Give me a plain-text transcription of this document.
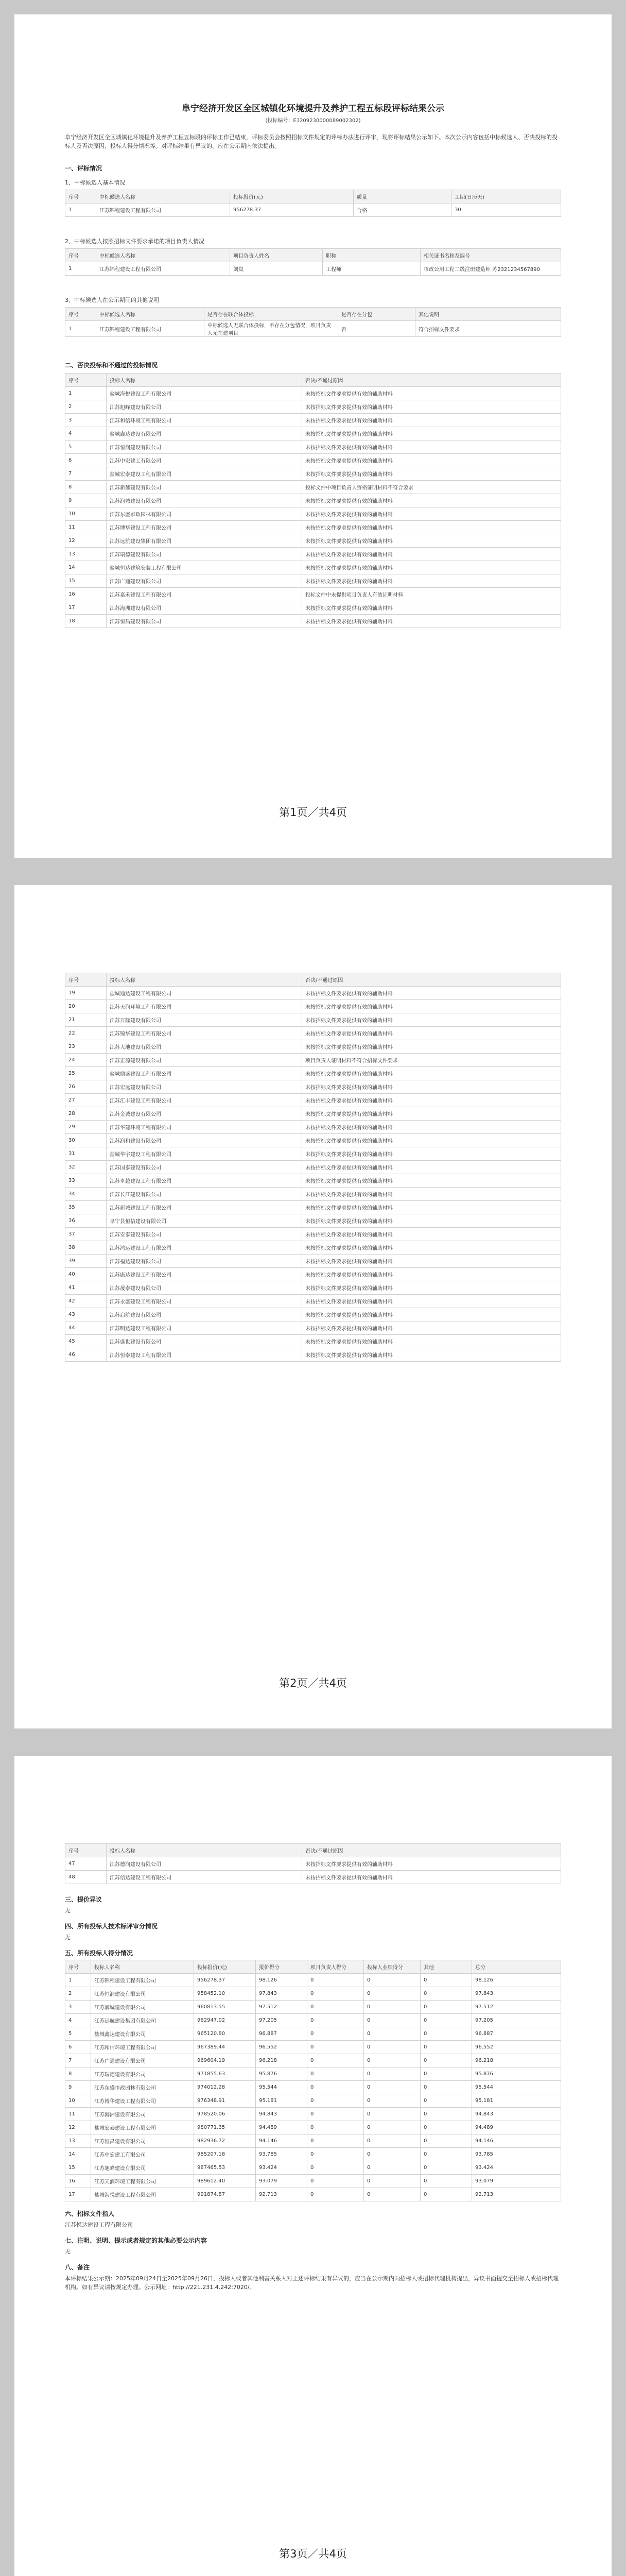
阜宁经济开发区全区城镇化环境提升及养护工程五标段评标结果公示
(投标编号：E3209230000089002302)
阜宁经济开发区全区城镇化环境提升及养护工程五标段的评标工作已结束，评标委员会按照招标文件规定的评标办法进行评审，现将评标结果公示如下。本次公示内容包括中标候选人、否决投标的投标人及否决原因、投标人得分情况等。对评标结果有异议的，应在公示期内依法提出。
一、评标情况
1、中标候选人基本情况
序号	中标候选人名称	投标报价(元)	质量	工期(日历天)
1	江苏锦程建设工程有限公司	956278.37	合格	30
2、中标候选人按照招标文件要求承诺的项目负责人情况
序号	中标候选人名称	项目负责人姓名	职称	相关证书名称及编号
1	江苏锦程建设工程有限公司	刘岚	工程师	市政公用工程二级注册建造师 苏2321234567890
3、中标候选人在公示期间的其他说明
序号	中标候选人名称	是否存在联合体投标	是否存在分包	其他说明
1	江苏锦程建设工程有限公司	中标候选人无联合体投标，不存在分包情况，项目负责人无在建项目	否	符合招标文件要求
二、否决投标和不通过的投标情况
序号	投标人名称	否决/不通过原因
1	盐城海悦建设工程有限公司	未按招标文件要求提供有效的辅助材料
2	江苏旭峰建设有限公司	未按招标文件要求提供有效的辅助材料
3	江苏和信环境工程有限公司	未按招标文件要求提供有效的辅助材料
4	盐城鑫达建设有限公司	未按招标文件要求提供有效的辅助材料
5	江苏恒润建设有限公司	未按招标文件要求提供有效的辅助材料
6	江苏中宏建工有限公司	未按招标文件要求提供有效的辅助材料
7	盐城宏泰建设工程有限公司	未按招标文件要求提供有效的辅助材料
8	江苏新耀建设有限公司	投标文件中项目负责人资格证明材料不符合要求
9	江苏润城建设有限公司	未按招标文件要求提供有效的辅助材料
10	江苏东盛市政园林有限公司	未按招标文件要求提供有效的辅助材料
11	江苏博华建设工程有限公司	未按招标文件要求提供有效的辅助材料
12	江苏远航建设集团有限公司	未按招标文件要求提供有效的辅助材料
13	江苏瑞德建设有限公司	未按招标文件要求提供有效的辅助材料
14	盐城恒达建筑安装工程有限公司	未按招标文件要求提供有效的辅助材料
15	江苏广通建设有限公司	未按招标文件要求提供有效的辅助材料
16	江苏嘉禾建设工程有限公司	投标文件中未提供项目负责人有效证明材料
17	江苏海洲建设有限公司	未按招标文件要求提供有效的辅助材料
18	江苏恒昌建设有限公司	未按招标文件要求提供有效的辅助材料
第1页／共4页
序号	投标人名称	否决/不通过原因
19	盐城通达建设工程有限公司	未按招标文件要求提供有效的辅助材料
20	江苏天润环境工程有限公司	未按招标文件要求提供有效的辅助材料
21	江苏万隆建设有限公司	未按招标文件要求提供有效的辅助材料
22	江苏锦华建设工程有限公司	未按招标文件要求提供有效的辅助材料
23	江苏大地建设有限公司	未按招标文件要求提供有效的辅助材料
24	江苏正源建设有限公司	项目负责人证明材料不符合招标文件要求
25	盐城鼎盛建设工程有限公司	未按招标文件要求提供有效的辅助材料
26	江苏宏远建设有限公司	未按招标文件要求提供有效的辅助材料
27	江苏汇丰建设工程有限公司	未按招标文件要求提供有效的辅助材料
28	江苏金诚建设有限公司	未按招标文件要求提供有效的辅助材料
29	江苏华建环境工程有限公司	未按招标文件要求提供有效的辅助材料
30	江苏润和建设有限公司	未按招标文件要求提供有效的辅助材料
31	盐城华宇建设工程有限公司	未按招标文件要求提供有效的辅助材料
32	江苏国泰建设有限公司	未按招标文件要求提供有效的辅助材料
33	江苏卓越建设工程有限公司	未按招标文件要求提供有效的辅助材料
34	江苏长江建设有限公司	未按招标文件要求提供有效的辅助材料
35	江苏新城建设工程有限公司	未按招标文件要求提供有效的辅助材料
36	阜宁县恒信建设有限公司	未按招标文件要求提供有效的辅助材料
37	江苏安泰建设有限公司	未按招标文件要求提供有效的辅助材料
38	江苏鸿运建设工程有限公司	未按招标文件要求提供有效的辅助材料
39	江苏福达建设有限公司	未按招标文件要求提供有效的辅助材料
40	江苏康达建设工程有限公司	未按招标文件要求提供有效的辅助材料
41	江苏晟泰建设有限公司	未按招标文件要求提供有效的辅助材料
42	江苏永盛建设工程有限公司	未按招标文件要求提供有效的辅助材料
43	江苏启航建设有限公司	未按招标文件要求提供有效的辅助材料
44	江苏明达建设工程有限公司	未按招标文件要求提供有效的辅助材料
45	江苏盛世建设有限公司	未按招标文件要求提供有效的辅助材料
46	江苏恒泰建设工程有限公司	未按招标文件要求提供有效的辅助材料
第2页／共4页
序号	投标人名称	否决/不通过原因
47	江苏德润建设有限公司	未按招标文件要求提供有效的辅助材料
48	江苏信达建设工程有限公司	未按招标文件要求提供有效的辅助材料
三、提价异议
无
四、所有投标人技术标评审分情况
无
五、所有投标人得分情况
序号	投标人名称	投标报价(元)	报价得分	项目负责人得分	投标人业绩得分	其他	总分
1	江苏锦程建设工程有限公司	956278.37	98.126	0	0	0	98.126
2	江苏恒润建设有限公司	958452.10	97.843	0	0	0	97.843
3	江苏润城建设有限公司	960813.55	97.512	0	0	0	97.512
4	江苏远航建设集团有限公司	962947.02	97.205	0	0	0	97.205
5	盐城鑫达建设有限公司	965120.80	96.887	0	0	0	96.887
6	江苏和信环境工程有限公司	967389.44	96.552	0	0	0	96.552
7	江苏广通建设有限公司	969604.19	96.218	0	0	0	96.218
8	江苏瑞德建设有限公司	971855.63	95.876	0	0	0	95.876
9	江苏东盛市政园林有限公司	974012.28	95.544	0	0	0	95.544
10	江苏博华建设工程有限公司	976348.91	95.181	0	0	0	95.181
11	江苏海洲建设有限公司	978520.06	94.843	0	0	0	94.843
12	盐城宏泰建设工程有限公司	980771.35	94.489	0	0	0	94.489
13	江苏恒昌建设有限公司	982936.72	94.146	0	0	0	94.146
14	江苏中宏建工有限公司	985207.18	93.785	0	0	0	93.785
15	江苏旭峰建设有限公司	987465.53	93.424	0	0	0	93.424
16	江苏天润环境工程有限公司	989612.40	93.079	0	0	0	93.079
17	盐城海悦建设工程有限公司	991874.87	92.713	0	0	0	92.713
六、招标文件指人
江苏悦达建设工程有限公司
七、注明、说明、提示或者规定的其他必要公示内容
无
八、备注
本评标结果公示期：2025年09月24日至2025年09月26日，投标人或者其他利害关系人对上述评标结果有异议的，应当在公示期内向招标人或招标代理机构提出，异议书面提交至招标人或招标代理机构。如有异议请按规定办理。公示网址：http://221.231.4.242:7020/。
第3页／共4页
